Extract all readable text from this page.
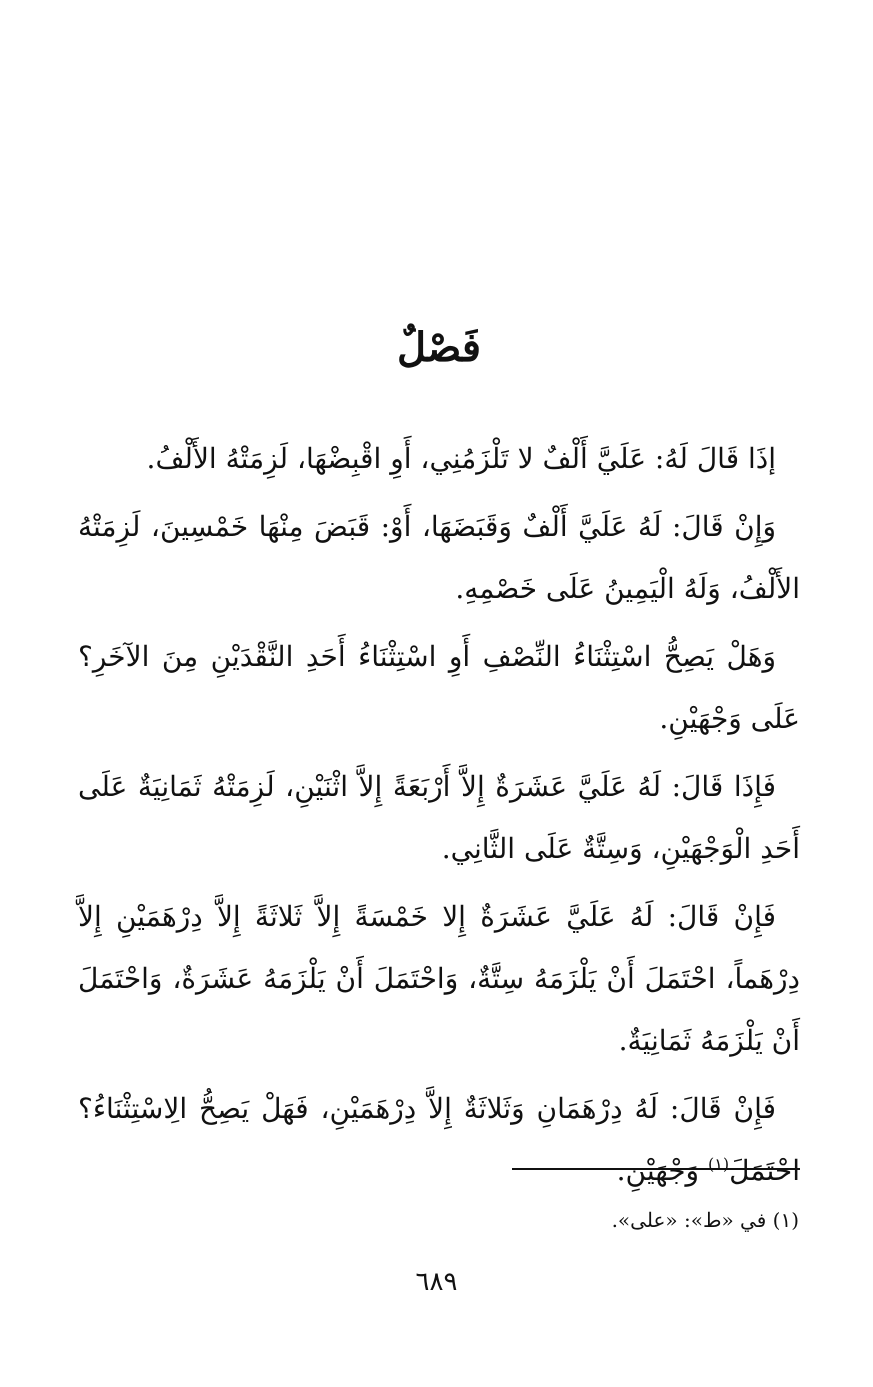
فَصْلٌ

إذَا قَالَ لَهُ: عَلَيَّ أَلْفٌ لا تَلْزَمُنِي، أَوِ اقْبِضْهَا، لَزِمَتْهُ الأَلْفُ.

وَإِنْ قَالَ: لَهُ عَلَيَّ أَلْفٌ وَقَبَضَهَا، أَوْ: قَبَضَ مِنْهَا خَمْسِينَ، لَزِمَتْهُ الأَلْفُ، وَلَهُ الْيَمِينُ عَلَى خَصْمِهِ.

وَهَلْ يَصِحُّ اسْتِثْنَاءُ النِّصْفِ أَوِ اسْتِثْنَاءُ أَحَدِ النَّقْدَيْنِ مِنَ الآخَرِ؟ عَلَى وَجْهَيْنِ.

فَإِذَا قَالَ: لَهُ عَلَيَّ عَشَرَةٌ إِلاَّ أَرْبَعَةً إِلاَّ اثْنَيْنِ، لَزِمَتْهُ ثَمَانِيَةٌ عَلَى أَحَدِ الْوَجْهَيْنِ، وَسِتَّةٌ عَلَى الثَّانِي.

فَإِنْ قَالَ: لَهُ عَلَيَّ عَشَرَةٌ إِلا خَمْسَةً إِلاَّ ثَلاثَةً إِلاَّ دِرْهَمَيْنِ إِلاَّ دِرْهَماً، احْتَمَلَ أَنْ يَلْزَمَهُ سِتَّةٌ، وَاحْتَمَلَ أَنْ يَلْزَمَهُ عَشَرَةٌ، وَاحْتَمَلَ أَنْ يَلْزَمَهُ ثَمَانِيَةٌ.

فَإِنْ قَالَ: لَهُ دِرْهَمَانِ وَثَلاثَةٌ إِلاَّ دِرْهَمَيْنِ، فَهَلْ يَصِحُّ الِاسْتِثْنَاءُ؟ احْتَمَلَ$^{(١)}$ وَجْهَيْنِ.

(١) في «ط»: «على».
٦٨٩
